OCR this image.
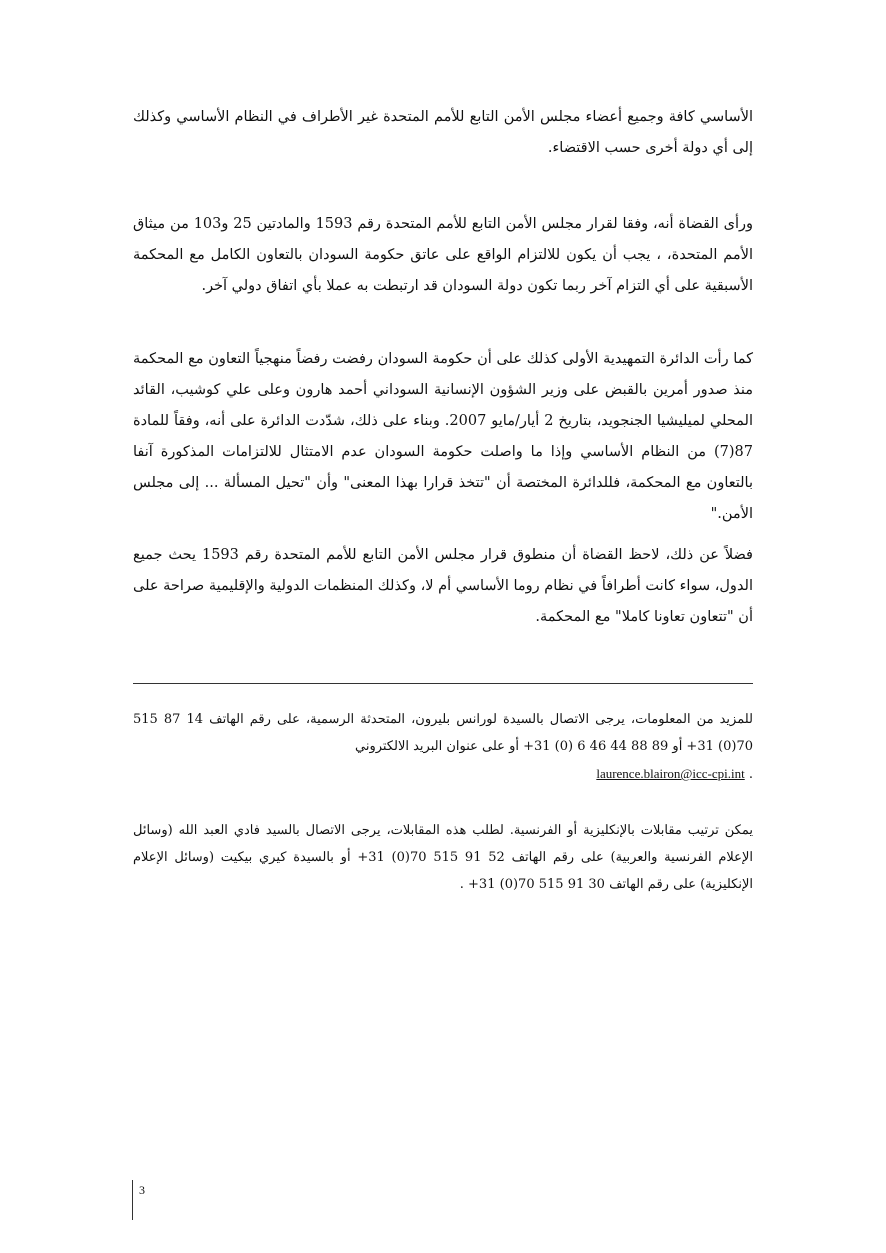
الأساسي كافة وجميع أعضاء مجلس الأمن التابع للأمم المتحدة غير الأطراف في النظام الأساسي وكذلك إلى أي دولة أخرى حسب الاقتضاء.

ورأى القضاة أنه، وفقا لقرار مجلس الأمن التابع للأمم المتحدة رقم 1593 والمادتين 25 و103 من ميثاق الأمم المتحدة، ، يجب أن يكون للالتزام الواقع على عاتق حكومة السودان بالتعاون الكامل مع المحكمة الأسبقية على أي التزام آخر ربما تكون دولة السودان قد ارتبطت به عملا بأي اتفاق دولي آخر.

كما رأت الدائرة التمهيدية الأولى كذلك على أن حكومة السودان رفضت رفضاً منهجياً التعاون مع المحكمة منذ صدور أمرين بالقبض على وزير الشؤون الإنسانية السوداني أحمد هارون وعلى علي كوشيب، القائد المحلي لميليشيا الجنجويد، بتاريخ 2 أيار/مايو 2007. وبناء على ذلك، شدّدت الدائرة على أنه، وفقاً للمادة 87(7) من النظام الأساسي وإذا ما واصلت حكومة السودان عدم الامتثال للالتزامات المذكورة آنفا بالتعاون مع المحكمة، فللدائرة المختصة أن "تتخذ قرارا بهذا المعنى" وأن "تحيل المسألة ... إلى مجلس الأمن."

فضلاً عن ذلك، لاحظ القضاة أن منطوق قرار مجلس الأمن التابع للأمم المتحدة رقم 1593 يحث جميع الدول، سواء كانت أطرافاً في نظام روما الأساسي أم لا، وكذلك المنظمات الدولية والإقليمية صراحة على أن "تتعاون تعاونا كاملا" مع المحكمة.

للمزيد من المعلومات، يرجى الاتصال بالسيدة لورانس بليرون، المتحدثة الرسمية، على رقم الهاتف 14 87 515 70(0) 31+ أو 89 88 44 46 6 (0) 31+ أو على عنوان البريد الالكتروني
. laurence.blairon@icc-cpi.int

يمكن ترتيب مقابلات بالإنكليزية أو الفرنسية. لطلب هذه المقابلات، يرجى الاتصال بالسيد فادي العبد الله (وسائل الإعلام الفرنسية والعربية) على رقم الهاتف 52 91 515 70(0) 31+ أو بالسيدة كيري بيكيت (وسائل الإعلام الإنكليزية) على رقم الهاتف 30 91 515 70(0) 31+ .

3
